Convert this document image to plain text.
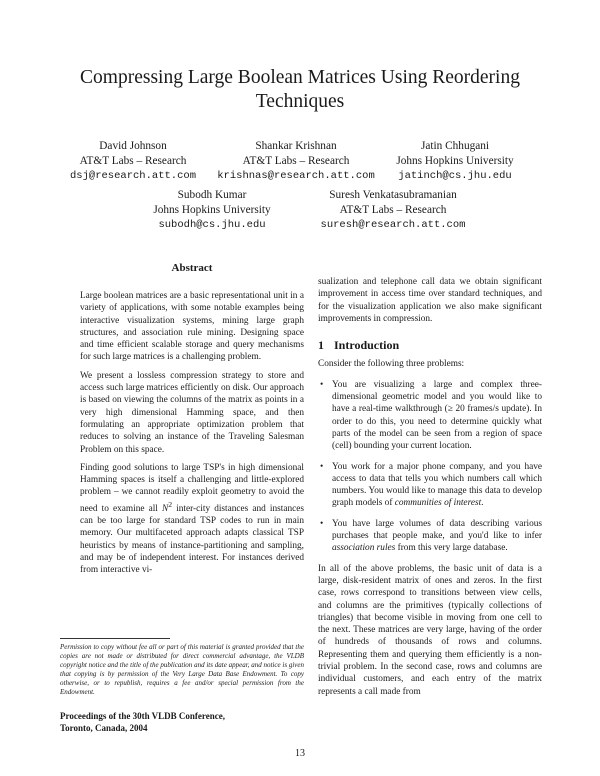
Compressing Large Boolean Matrices Using Reordering Techniques
David Johnson
AT&T Labs – Research
dsj@research.att.com
Shankar Krishnan
AT&T Labs – Research
krishnas@research.att.com
Jatin Chhugani
Johns Hopkins University
jatinch@cs.jhu.edu
Subodh Kumar
Johns Hopkins University
subodh@cs.jhu.edu
Suresh Venkatasubramanian
AT&T Labs – Research
suresh@research.att.com
Abstract

Large boolean matrices are a basic representational unit in a variety of applications, with some notable examples being interactive visualization systems, mining large graph structures, and association rule mining. Designing space and time efficient scalable storage and query mechanisms for such large matrices is a challenging problem.

We present a lossless compression strategy to store and access such large matrices efficiently on disk. Our approach is based on viewing the columns of the matrix as points in a very high dimensional Hamming space, and then formulating an appropriate optimization problem that reduces to solving an instance of the Traveling Salesman Problem on this space.

Finding good solutions to large TSP's in high dimensional Hamming spaces is itself a challenging and little-explored problem – we cannot readily exploit geometry to avoid the need to examine all $N^2$ inter-city distances and instances can be too large for standard TSP codes to run in main memory. Our multifaceted approach adapts classical TSP heuristics by means of instance-partitioning and sampling, and may be of independent interest. For instances derived from interactive vi-

Permission to copy without fee all or part of this material is granted provided that the copies are not made or distributed for direct commercial advantage, the VLDB copyright notice and the title of the publication and its date appear, and notice is given that copying is by permission of the Very Large Data Base Endowment. To copy otherwise, or to republish, requires a fee and/or special permission from the Endowment.
Proceedings of the 30th VLDB Conference,
Toronto, Canada, 2004

sualization and telephone call data we obtain significant improvement in access time over standard techniques, and for the visualization application we also make significant improvements in compression.

1 Introduction

Consider the following three problems:

• You are visualizing a large and complex three-dimensional geometric model and you would like to have a real-time walkthrough (≥ 20 frames/s update). In order to do this, you need to determine quickly what parts of the model can be seen from a region of space (cell) bounding your current location.
• You work for a major phone company, and you have access to data that tells you which numbers call which numbers. You would like to manage this data to develop graph models of communities of interest.
• You have large volumes of data describing various purchases that people make, and you'd like to infer association rules from this very large database.

In all of the above problems, the basic unit of data is a large, disk-resident matrix of ones and zeros. In the first case, rows correspond to transitions between view cells, and columns are the primitives (typically collections of triangles) that become visible in moving from one cell to the next. These matrices are very large, having of the order of hundreds of thousands of rows and columns. Representing them and querying them efficiently is a non-trivial problem. In the second case, rows and columns are individual customers, and each entry of the matrix represents a call made from

13
